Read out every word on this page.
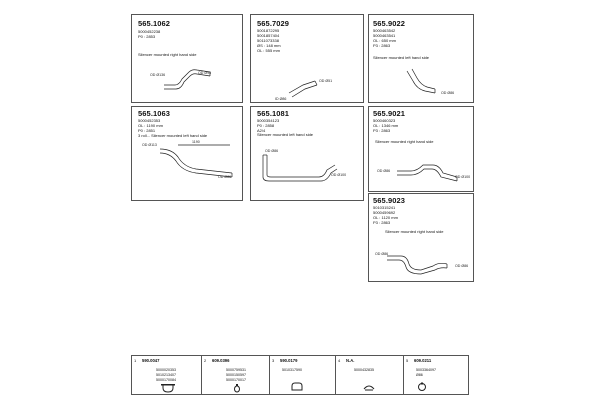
565.1062
5000452238
P0 : 2853
Silencer mounted right hand side
OD Ø136	OD Ø95
565.7029
5001872295
5001857404
5011073338
ØS : 148 mm
OL : 555 mm
ID Ø86
OD Ø51
565.9022
5000463542
5000463541
OL : 650 mm
P3 : 2863
Silencer mounted left hand side
OD Ø86
565.1063
5000452353
OL : 1190 mm
P0 : 2851
3 roll... Silencer mounted left hand side
OD Ø113
1190
OD Ø86
565.1081
5000354123
P0 : 2858
A2/4
Silencer mounted left hand side
OD Ø86
OD Ø100
565.9021
5000460323
OL : 1346 mm
P3 : 2863
Silencer mounted right hand side
OD Ø86
OD Ø100
565.9023
5010315241
5000459692
OL : 1120 mm
P3 : 2863
Silencer mounted right hand side
OD Ø86
OD Ø86
1 590.0047
5000020353
5010213407
5000170084
2 609.0396
5000759531
5000150597
5000170017
3 590.0179
5010317590
4 N.A.
5000432835
5 609.0211
5003364097
Ø86
